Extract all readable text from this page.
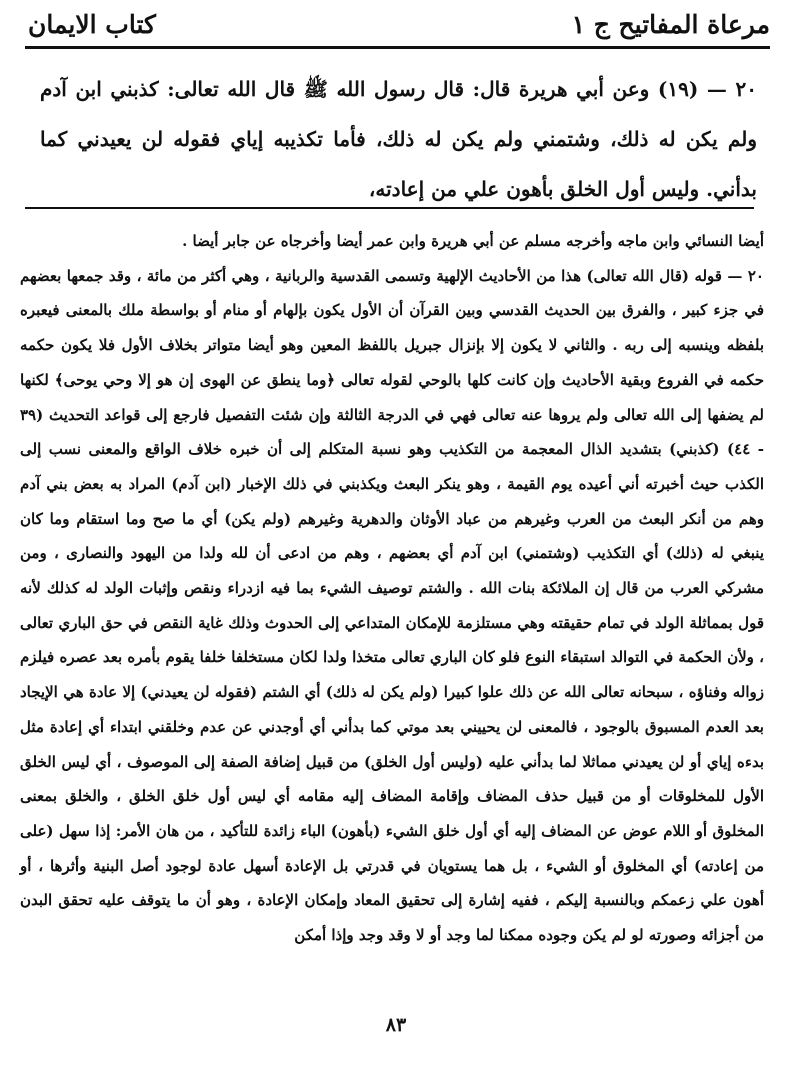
مرعاة المفاتيح ج ١
كتاب الايمان

٢٠ — (١٩) وعن أبي هريرة قال: قال رسول الله ﷺ قال الله تعالى: كذبني ابن آدم ولم يكن له ذلك، وشتمني ولم يكن له ذلك، فأما تكذيبه إياي فقوله لن يعيدني كما بدأني. وليس أول الخلق بأهون علي من إعادته،

أيضا النسائي وابن ماجه وأخرجه مسلم عن أبي هريرة وابن عمر أيضا وأخرجاه عن جابر أيضا .

٢٠ — قوله (قال الله تعالى) هذا من الأحاديث الإلهية وتسمى القدسية والربانية ، وهي أكثر من مائة ، وقد جمعها بعضهم في جزء كبير ، والفرق بين الحديث القدسي وبين القرآن أن الأول يكون بإلهام أو منام أو بواسطة ملك بالمعنى فيعبره بلفظه وينسبه إلى ربه . والثاني لا يكون إلا بإنزال جبريل باللفظ المعين وهو أيضا متواتر بخلاف الأول فلا يكون حكمه حكمه في الفروع وبقية الأحاديث وإن كانت كلها بالوحي لقوله تعالى ﴿وما ينطق عن الهوى إن هو إلا وحي يوحى﴾ لكنها لم يضفها إلى الله تعالى ولم يروها عنه تعالى فهي في الدرجة الثالثة وإن شئت التفصيل فارجع إلى قواعد التحديث (٣٩ - ٤٤) (كذبني) بتشديد الذال المعجمة من التكذيب وهو نسبة المتكلم إلى أن خبره خلاف الواقع والمعنى نسب إلى الكذب حيث أخبرته أني أعيده يوم القيمة ، وهو ينكر البعث ويكذبني في ذلك الإخبار (ابن آدم) المراد به بعض بني آدم وهم من أنكر البعث من العرب وغيرهم من عباد الأوثان والدهرية وغيرهم (ولم يكن) أي ما صح وما استقام وما كان ينبغي له (ذلك) أي التكذيب (وشتمني) ابن آدم أي بعضهم ، وهم من ادعى أن لله ولدا من اليهود والنصارى ، ومن مشركي العرب من قال إن الملائكة بنات الله . والشتم توصيف الشيء بما فيه ازدراء ونقص وإثبات الولد له كذلك لأنه قول بمماثلة الولد في تمام حقيقته وهي مستلزمة للإمكان المتداعي إلى الحدوث وذلك غاية النقص في حق الباري تعالى ، ولأن الحكمة في التوالد استبقاء النوع فلو كان الباري تعالى متخذا ولدا لكان مستخلفا خلفا يقوم بأمره بعد عصره فيلزم زواله وفناؤه ، سبحانه تعالى الله عن ذلك علوا كبيرا (ولم يكن له ذلك) أي الشتم (فقوله لن يعيدني) إلا عادة هي الإيجاد بعد العدم المسبوق بالوجود ، فالمعنى لن يحييني بعد موتي كما بدأني أي أوجدني عن عدم وخلقني ابتداء أي إعادة مثل بدءه إياي أو لن يعيدني مماثلا لما بدأني عليه (وليس أول الخلق) من قبيل إضافة الصفة إلى الموصوف ، أي ليس الخلق الأول للمخلوقات أو من قبيل حذف المضاف وإقامة المضاف إليه مقامه أي ليس أول خلق الخلق ، والخلق بمعنى المخلوق أو اللام عوض عن المضاف إليه أي أول خلق الشيء (بأهون) الباء زائدة للتأكيد ، من هان الأمر: إذا سهل (على من إعادته) أي المخلوق أو الشيء ، بل هما يستويان في قدرتي بل الإعادة أسهل عادة لوجود أصل البنية وأثرها ، أو أهون علي زعمكم وبالنسبة إليكم ، ففيه إشارة إلى تحقيق المعاد وإمكان الإعادة ، وهو أن ما يتوقف عليه تحقق البدن من أجزائه وصورته لو لم يكن وجوده ممكنا لما وجد أو لا وقد وجد وإذا أمكن

٨٣
